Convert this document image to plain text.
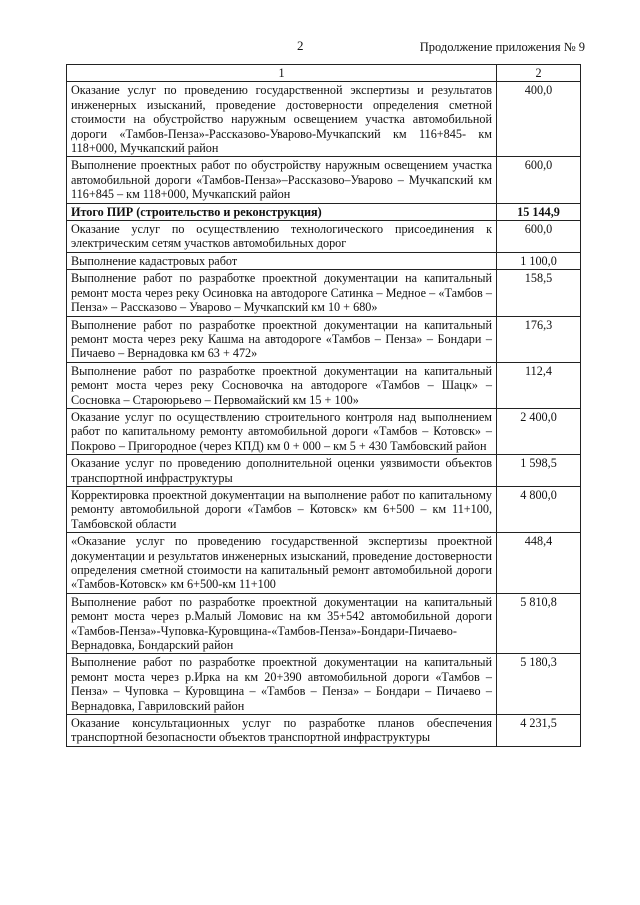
2	Продолжение приложения № 9
1	2
Оказание услуг по проведению государственной экспертизы и результатов инженерных изысканий, проведение достоверности определения сметной стоимости на обустройство наружным освещением участка автомобильной дороги «Тамбов-Пенза»-Рассказово-Уварово-Мучкапский км 116+845- км 118+000, Мучкапский район	400,0
Выполнение проектных работ по обустройству наружным освещением участка автомобильной дороги «Тамбов-Пенза»–Рассказово–Уварово – Мучкапский км 116+845 – км 118+000, Мучкапский район	600,0
Итого ПИР (строительство и реконструкция)	15 144,9
Оказание услуг по осуществлению технологического присоединения к электрическим сетям участков автомобильных дорог	600,0
Выполнение кадастровых работ	1 100,0
Выполнение работ по разработке проектной документации на капитальный ремонт моста через реку Осиновка на автодороге Сатинка – Медное – «Тамбов – Пенза» – Рассказово – Уварово – Мучкапский км 10 + 680»	158,5
Выполнение работ по разработке проектной документации на капитальный ремонт моста через реку Кашма на автодороге «Тамбов – Пенза» – Бондари – Пичаево – Вернадовка км 63 + 472»	176,3
Выполнение работ по разработке проектной документации на капитальный ремонт моста через реку Сосновочка на автодороге «Тамбов – Шацк» – Сосновка – Староюрьево – Первомайский км 15 + 100»	112,4
Оказание услуг по осуществлению строительного контроля над выполнением работ по капитальному ремонту автомобильной дороги «Тамбов – Котовск» – Покрово – Пригородное (через КПД) км 0 + 000 – км 5 + 430 Тамбовский район	2 400,0
Оказание услуг по проведению дополнительной оценки уязвимости объектов транспортной инфраструктуры	1 598,5
Корректировка проектной документации на выполнение работ по капитальному ремонту автомобильной дороги «Тамбов – Котовск» км 6+500 – км 11+100, Тамбовской области	4 800,0
«Оказание услуг по проведению государственной экспертизы проектной документации и результатов инженерных изысканий, проведение достоверности определения сметной стоимости на капитальный ремонт автомобильной дороги «Тамбов-Котовск» км 6+500-км 11+100	448,4
Выполнение работ по разработке проектной документации на капитальный ремонт моста через р.Малый Ломовис на км 35+542 автомобильной дороги «Тамбов-Пенза»-Чуповка-Куровщина-«Тамбов-Пенза»-Бондари-Пичаево-Вернадовка, Бондарский район	5 810,8
Выполнение работ по разработке проектной документации на капитальный ремонт моста через р.Ирка на км 20+390 автомобильной дороги «Тамбов – Пенза» – Чуповка – Куровщина – «Тамбов – Пенза» – Бондари – Пичаево – Вернадовка, Гавриловский район	5 180,3
Оказание консультационных услуг по разработке планов обеспечения транспортной безопасности объектов транспортной инфраструктуры	4 231,5
